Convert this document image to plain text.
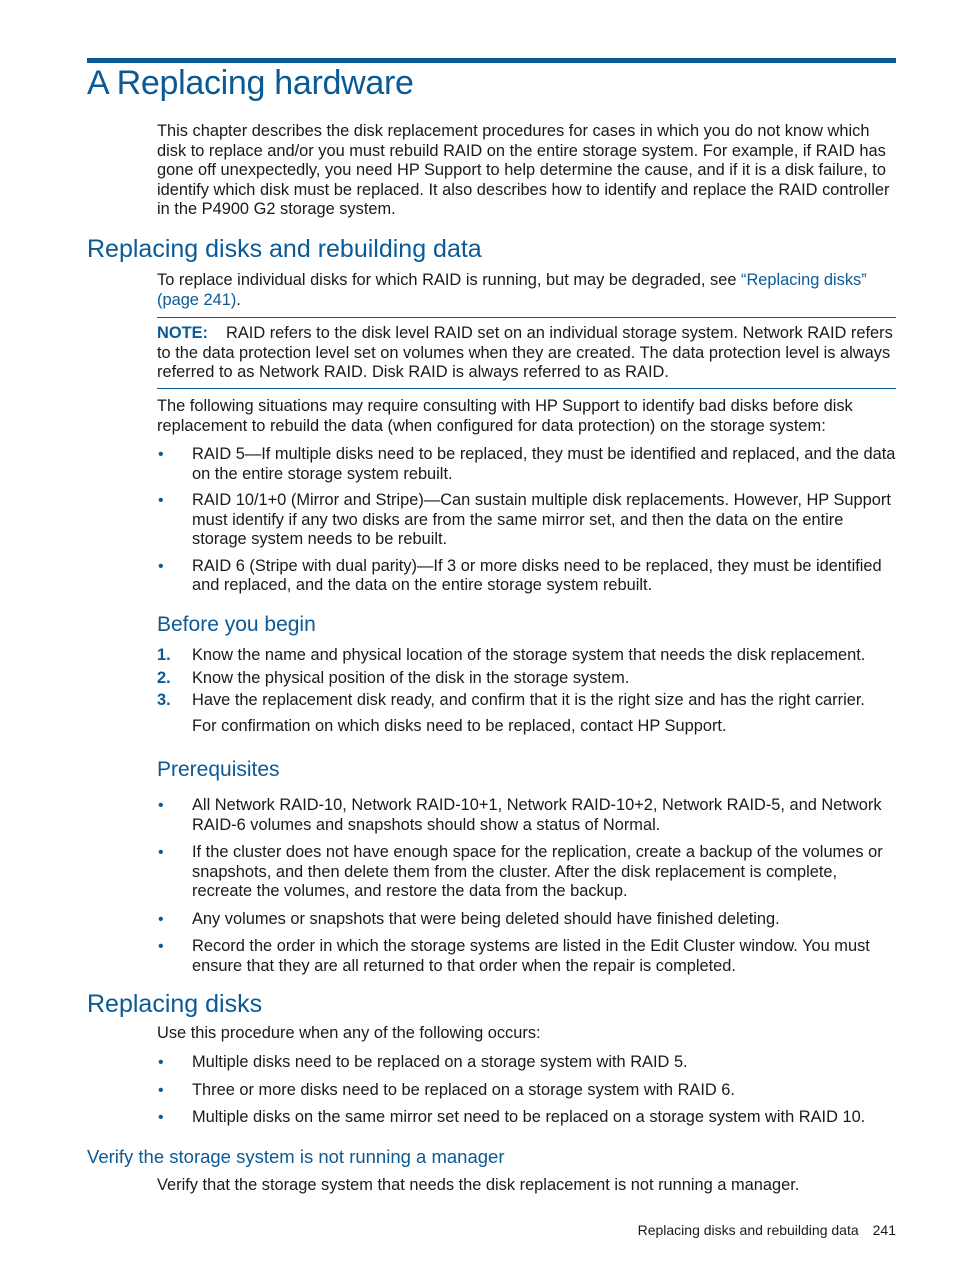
A Replacing hardware

This chapter describes the disk replacement procedures for cases in which you do not know which disk to replace and/or you must rebuild RAID on the entire storage system. For example, if RAID has gone off unexpectedly, you need HP Support to help determine the cause, and if it is a disk failure, to identify which disk must be replaced. It also describes how to identify and replace the RAID controller in the P4900 G2 storage system.

Replacing disks and rebuilding data

To replace individual disks for which RAID is running, but may be degraded, see “Replacing disks” (page 241).

NOTE: RAID refers to the disk level RAID set on an individual storage system. Network RAID refers to the data protection level set on volumes when they are created. The data protection level is always referred to as Network RAID. Disk RAID is always referred to as RAID.

The following situations may require consulting with HP Support to identify bad disks before disk replacement to rebuild the data (when configured for data protection) on the storage system:

• RAID 5—If multiple disks need to be replaced, they must be identified and replaced, and the data on the entire storage system rebuilt.
• RAID 10/1+0 (Mirror and Stripe)—Can sustain multiple disk replacements. However, HP Support must identify if any two disks are from the same mirror set, and then the data on the entire storage system needs to be rebuilt.
• RAID 6 (Stripe with dual parity)—If 3 or more disks need to be replaced, they must be identified and replaced, and the data on the entire storage system rebuilt.
Before you begin
1. Know the name and physical location of the storage system that needs the disk replacement.
2. Know the physical position of the disk in the storage system.
3. Have the replacement disk ready, and confirm that it is the right size and has the right carrier.

For confirmation on which disks need to be replaced, contact HP Support.

Prerequisites
• All Network RAID-10, Network RAID-10+1, Network RAID-10+2, Network RAID-5, and Network RAID-6 volumes and snapshots should show a status of Normal.
• If the cluster does not have enough space for the replication, create a backup of the volumes or snapshots, and then delete them from the cluster. After the disk replacement is complete, recreate the volumes, and restore the data from the backup.
• Any volumes or snapshots that were being deleted should have finished deleting.
• Record the order in which the storage systems are listed in the Edit Cluster window. You must ensure that they are all returned to that order when the repair is completed.
Replacing disks

Use this procedure when any of the following occurs:

• Multiple disks need to be replaced on a storage system with RAID 5.
• Three or more disks need to be replaced on a storage system with RAID 6.
• Multiple disks on the same mirror set need to be replaced on a storage system with RAID 10.
Verify the storage system is not running a manager

Verify that the storage system that needs the disk replacement is not running a manager.

Replacing disks and rebuilding data 241
